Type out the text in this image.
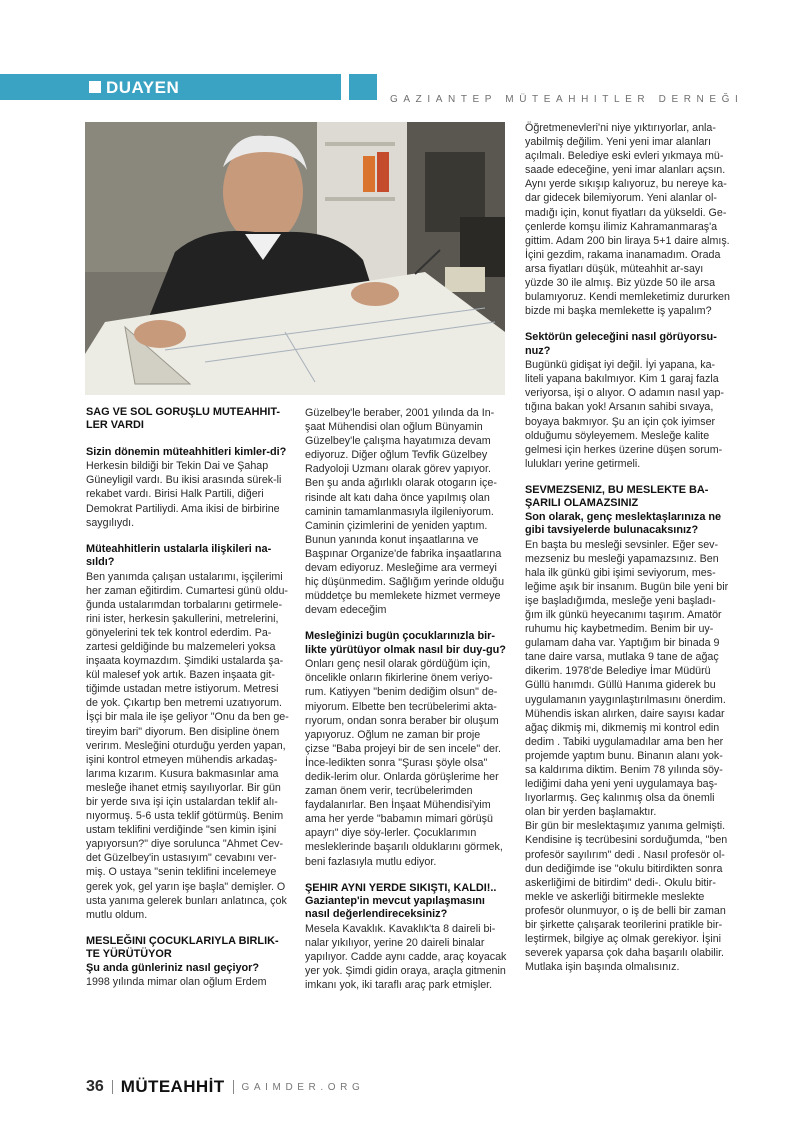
DUAYEN
GAZIANTEP MÜTEAHHITLER DERNEĞI
SAG VE SOL GORUŞLU MUTEAHHIT-LER VARDI
Sizin dönemin müteahhitleri kimler-di?

Herkesin bildiği bir Tekin Dai ve Şahap Güneyligil vardı. Bu ikisi arasında sürek-li rekabet vardı. Birisi Halk Partili, diğeri Demokrat Partiliydi. Ama ikisi de birbirine saygılıydı.

Müteahhitlerin ustalarla ilişkileri na-sıldı?

Ben yanımda çalışan ustalarımı, işçilerimi her zaman eğitirdim. Cumartesi günü oldu-ğunda ustalarımdan torbalarını getirmele-rini ister, herkesin şakullerini, metrelerini, gönyelerini tek tek kontrol ederdim. Pa-zartesi geldiğinde bu malzemeleri yoksa inşaata koymazdım. Şimdiki ustalarda şa-kül malesef yok artık. Bazen inşaata git-tiğimde ustadan metre istiyorum. Metresi de yok. Çıkartıp ben metremi uzatıyorum. İşçi bir mala ile işe geliyor "Onu da ben ge-tireyim bari" diyorum. Ben disipline önem verirım. Mesleğini oturduğu yerden yapan, işini kontrol etmeyen mühendis arkadaş-larıma kızarım. Kusura bakmasınlar ama mesleğe ihanet etmiş sayılıyorlar. Bir gün bir yerde sıva işi için ustalardan teklif alı-nıyormuş. 5-6 usta teklif götürmüş. Benim ustam teklifini verdiğinde "sen kimin işini yapıyorsun?" diye sorulunca "Ahmet Cev-det Güzelbey'in ustasıyım" cevabını ver-miş. O ustaya "senin teklifini incelemeye gerek yok, gel yarın işe başla" demişler. O usta yanıma gelerek bunları anlatınca, çok mutlu oldum.

MESLEĞINI ÇOCUKLARIYLA BIRLIK-TE YÜRÜTÜYOR
Şu anda günleriniz nasıl geçiyor?

1998 yılında mimar olan oğlum Erdem

Güzelbey'le beraber, 2001 yılında da In-şaat Mühendisi olan oğlum Bünyamin Güzelbey'le çalışma hayatımıza devam ediyoruz. Diğer oğlum Tevfik Güzelbey Radyoloji Uzmanı olarak görev yapıyor. Ben şu anda ağırlıklı olarak otogarın içe-risinde alt katı daha önce yapılmış olan caminin tamamlanmasıyla ilgileniyorum. Caminin çizimlerini de yeniden yaptım. Bunun yanında konut inşaatlarına ve Başpınar Organize'de fabrika inşaatlarına devam ediyoruz. Mesleğime ara vermeyi hiç düşünmedim. Sağlığım yerinde olduğu müddetçe bu memlekete hizmet vermeye devam edeceğim

Mesleğinizi bugün çocuklarınızla bir-likte yürütüyor olmak nasıl bir duy-gu?

Onları genç nesil olarak gördüğüm için, öncelikle onların fikirlerine önem veriyo-rum. Katiyyen "benim dediğim olsun" de-miyorum. Elbette ben tecrübelerimi akta-rıyorum, ondan sonra beraber bir oluşum yapıyoruz. Oğlum ne zaman bir proje çizse "Baba projeyi bir de sen incele" der. İnce-ledikten sonra "Şurası şöyle olsa" dedik-lerim olur. Onlarda görüşlerime her zaman önem verir, tecrübelerimden faydalanırlar. Ben İnşaat Mühendisi'yim ama her yerde "babamın mimari görüşü apayrı" diye söy-lerler. Çocuklarımın mesleklerinde başarılı olduklarını görmek, beni fazlasıyla mutlu ediyor.

ŞEHIR AYNI YERDE SIKIŞTI, KALDI!..
Gaziantep'in mevcut yapılaşmasını nasıl değerlendireceksiniz?

Mesela Kavaklık. Kavaklık'ta 8 daireli bi-nalar yıkılıyor, yerine 20 daireli binalar yapılıyor. Cadde aynı cadde, araç koyacak yer yok. Şimdi gidin oraya, araçla gitmenin imkanı yok, iki taraflı araç park etmişler.

Öğretmenevleri'ni niye yıktırıyorlar, anla-yabilmiş değilim. Yeni yeni imar alanları açılmalı. Belediye eski evleri yıkmaya mü-saade edeceğine, yeni imar alanları açsın. Aynı yerde sıkışıp kalıyoruz, bu nereye ka-dar gidecek bilemiyorum. Yeni alanlar ol-madığı için, konut fiyatları da yükseldi. Ge-çenlerde komşu ilimiz Kahramanmaraş'a gittim. Adam 200 bin liraya 5+1 daire almış. İçini gezdim, rakama inanamadım. Orada arsa fiyatları düşük, müteahhit ar-sayı yüzde 30 ile almış. Biz yüzde 50 ile arsa bulamıyoruz. Kendi memleketimiz dururken bizde mi başka memlekette iş yapalım?

Sektörün geleceğini nasıl görüyorsu-nuz?

Bugünkü gidişat iyi değil. İyi yapana, ka-liteli yapana bakılmıyor. Kim 1 garaj fazla veriyorsa, işi o alıyor. O adamın nasıl yap-tığına bakan yok! Arsanın sahibi sıvaya, boyaya bakmıyor. Şu an için çok iyimser olduğumu söyleyemem. Mesleğe kalite gelmesi için herkes üzerine düşen sorum-lulukları yerine getirmeli.

SEVMEZSENIZ, BU MESLEKTE BA-ŞARILI OLAMAZSINIZ
Son olarak, genç meslektaşlarınıza ne gibi tavsiyelerde bulunacaksınız?

En başta bu mesleği sevsinler. Eğer sev-mezseniz bu mesleği yapamazsınız. Ben hala ilk günkü gibi işimi seviyorum, mes-leğime aşık bir insanım. Bugün bile yeni bir işe başladığımda, mesleğe yeni başladı-ğım ilk günkü heyecanımı taşırım. Amatör ruhumu hiç kaybetmedim. Benim bir uy-gulamam daha var. Yaptığım bir binada 9 tane daire varsa, mutlaka 9 tane de ağaç dikerim. 1978'de Belediye İmar Müdürü Güllü hanımdı. Güllü Hanıma giderek bu uygulamanın yaygınlaştırılmasını önerdim. Mühendis iskan alırken, daire sayısı kadar ağaç dikmiş mi, dikmemiş mi kontrol edin dedim . Tabiki uygulamadılar ama ben her projemde yaptım bunu. Binanın alanı yok-sa kaldırıma diktim. Benim 78 yılında söy-lediğimi daha yeni yeni uygulamaya baş-lıyorlarmış. Geç kalınmış olsa da önemli olan bir yerden başlamaktır.

Bir gün bir meslektaşımız yanıma gelmişti. Kendisine iş tecrübesini sorduğumda, "ben profesör sayılırım" dedi . Nasıl profesör ol-dun dediğimde ise "okulu bitirdikten sonra askerliğimi de bitirdim" dedi-. Okulu bitir-mekle ve askerliği bitirmekle meslekte profesör olunmuyor, o iş de belli bir zaman bir şirkette çalışarak teorilerini pratikle bir-leştirmek, bilgiye aç olmak gerekiyor. İşini severek yaparsa çok daha başarılı olabilir. Mutlaka işin başında olmalısınız.

36 MÜTEAHHİT GAIMDER.ORG
